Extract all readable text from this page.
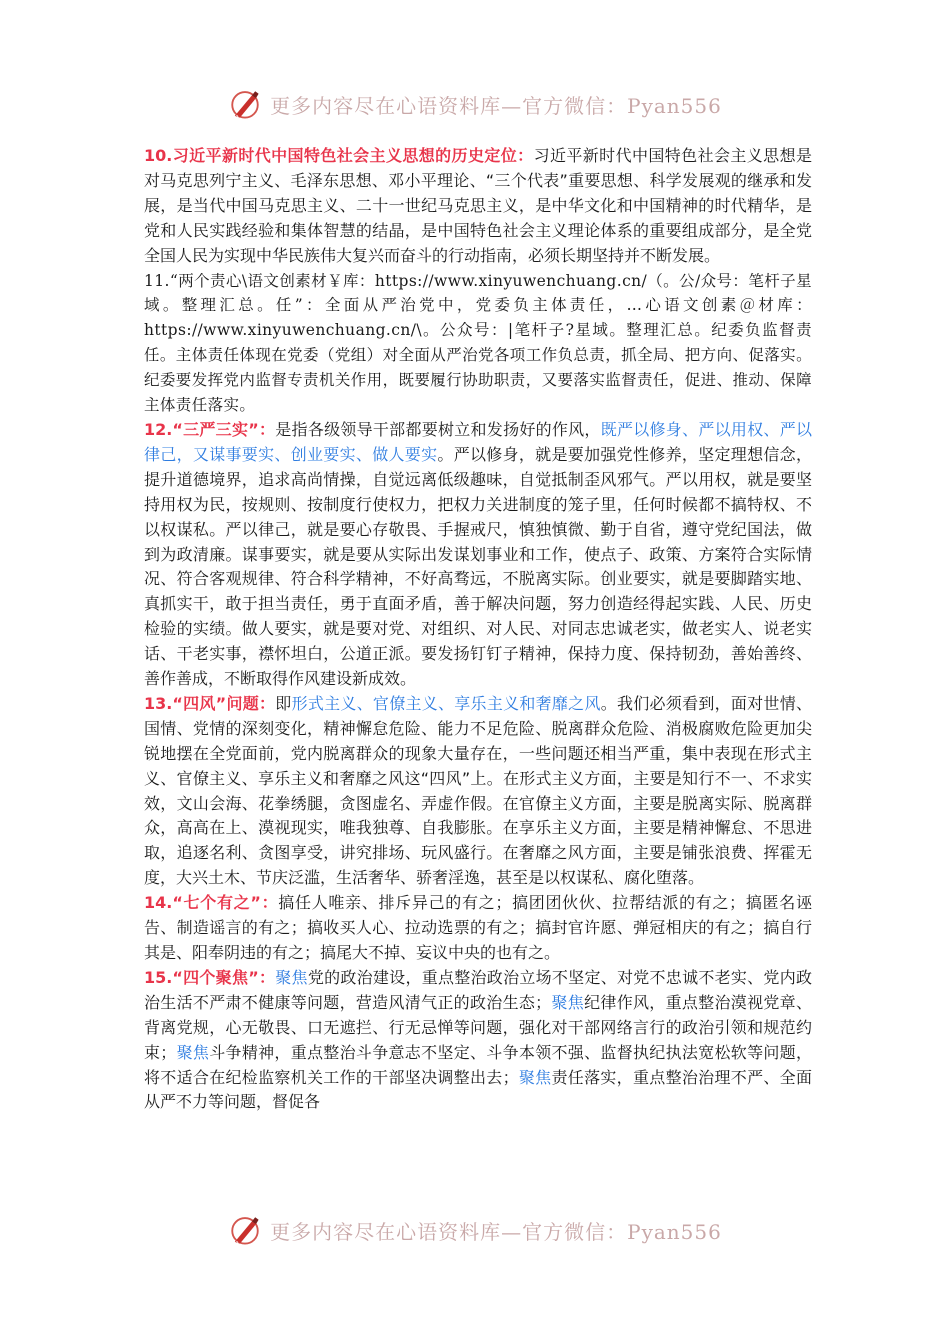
更多内容尽在心语资料库—官方微信：Pyan556

10.习近平新时代中国特色社会主义思想的历史定位：习近平新时代中国特色社会主义思想是对马克思列宁主义、毛泽东思想、邓小平理论、“三个代表”重要思想、科学发展观的继承和发展，是当代中国马克思主义、二十一世纪马克思主义，是中华文化和中国精神的时代精华，是党和人民实践经验和集体智慧的结晶，是中国特色社会主义理论体系的重要组成部分，是全党全国人民为实现中华民族伟大复兴而奋斗的行动指南，必须长期坚持并不断发展。

11.“两个责心\语文创素材￥库：https://www.xinyuwenchuang.cn/（。公/众号：笔杆子星域。整理汇总。任”：全面从严治党中，党委负主体责任，…心语文创素＠材库：https://www.xinyuwenchuang.cn/\。公众号：|笔杆子?星域。整理汇总。纪委负监督责任。主体责任体现在党委（党组）对全面从严治党各项工作负总责，抓全局、把方向、促落实。纪委要发挥党内监督专责机关作用，既要履行协助职责，又要落实监督责任，促进、推动、保障主体责任落实。

12.“三严三实”：是指各级领导干部都要树立和发扬好的作风，既严以修身、严以用权、严以律己，又谋事要实、创业要实、做人要实。严以修身，就是要加强党性修养，坚定理想信念，提升道德境界，追求高尚情操，自觉远离低级趣味，自觉抵制歪风邪气。严以用权，就是要坚持用权为民，按规则、按制度行使权力，把权力关进制度的笼子里，任何时候都不搞特权、不以权谋私。严以律己，就是要心存敬畏、手握戒尺，慎独慎微、勤于自省，遵守党纪国法，做到为政清廉。谋事要实，就是要从实际出发谋划事业和工作，使点子、政策、方案符合实际情况、符合客观规律、符合科学精神，不好高骛远，不脱离实际。创业要实，就是要脚踏实地、真抓实干，敢于担当责任，勇于直面矛盾，善于解决问题，努力创造经得起实践、人民、历史检验的实绩。做人要实，就是要对党、对组织、对人民、对同志忠诚老实，做老实人、说老实话、干老实事，襟怀坦白，公道正派。要发扬钉钉子精神，保持力度、保持韧劲，善始善终、善作善成，不断取得作风建设新成效。

13.“四风”问题：即形式主义、官僚主义、享乐主义和奢靡之风。我们必须看到，面对世情、国情、党情的深刻变化，精神懈怠危险、能力不足危险、脱离群众危险、消极腐败危险更加尖锐地摆在全党面前，党内脱离群众的现象大量存在，一些问题还相当严重，集中表现在形式主义、官僚主义、享乐主义和奢靡之风这“四风”上。在形式主义方面，主要是知行不一、不求实效，文山会海、花拳绣腿，贪图虚名、弄虚作假。在官僚主义方面，主要是脱离实际、脱离群众，高高在上、漠视现实，唯我独尊、自我膨胀。在享乐主义方面，主要是精神懈怠、不思进取，追逐名利、贪图享受，讲究排场、玩风盛行。在奢靡之风方面，主要是铺张浪费、挥霍无度，大兴土木、节庆泛滥，生活奢华、骄奢淫逸，甚至是以权谋私、腐化堕落。

14.“七个有之”：搞任人唯亲、排斥异己的有之；搞团团伙伙、拉帮结派的有之；搞匿名诬告、制造谣言的有之；搞收买人心、拉动选票的有之；搞封官许愿、弹冠相庆的有之；搞自行其是、阳奉阴违的有之；搞尾大不掉、妄议中央的也有之。

15.“四个聚焦”：聚焦党的政治建设，重点整治政治立场不坚定、对党不忠诚不老实、党内政治生活不严肃不健康等问题，营造风清气正的政治生态；聚焦纪律作风，重点整治漠视党章、背离党规，心无敬畏、口无遮拦、行无忌惮等问题，强化对干部网络言行的政治引领和规范约束；聚焦斗争精神，重点整治斗争意志不坚定、斗争本领不强、监督执纪执法宽松软等问题，将不适合在纪检监察机关工作的干部坚决调整出去；聚焦责任落实，重点整治治理不严、全面从严不力等问题，督促各

更多内容尽在心语资料库—官方微信：Pyan556
